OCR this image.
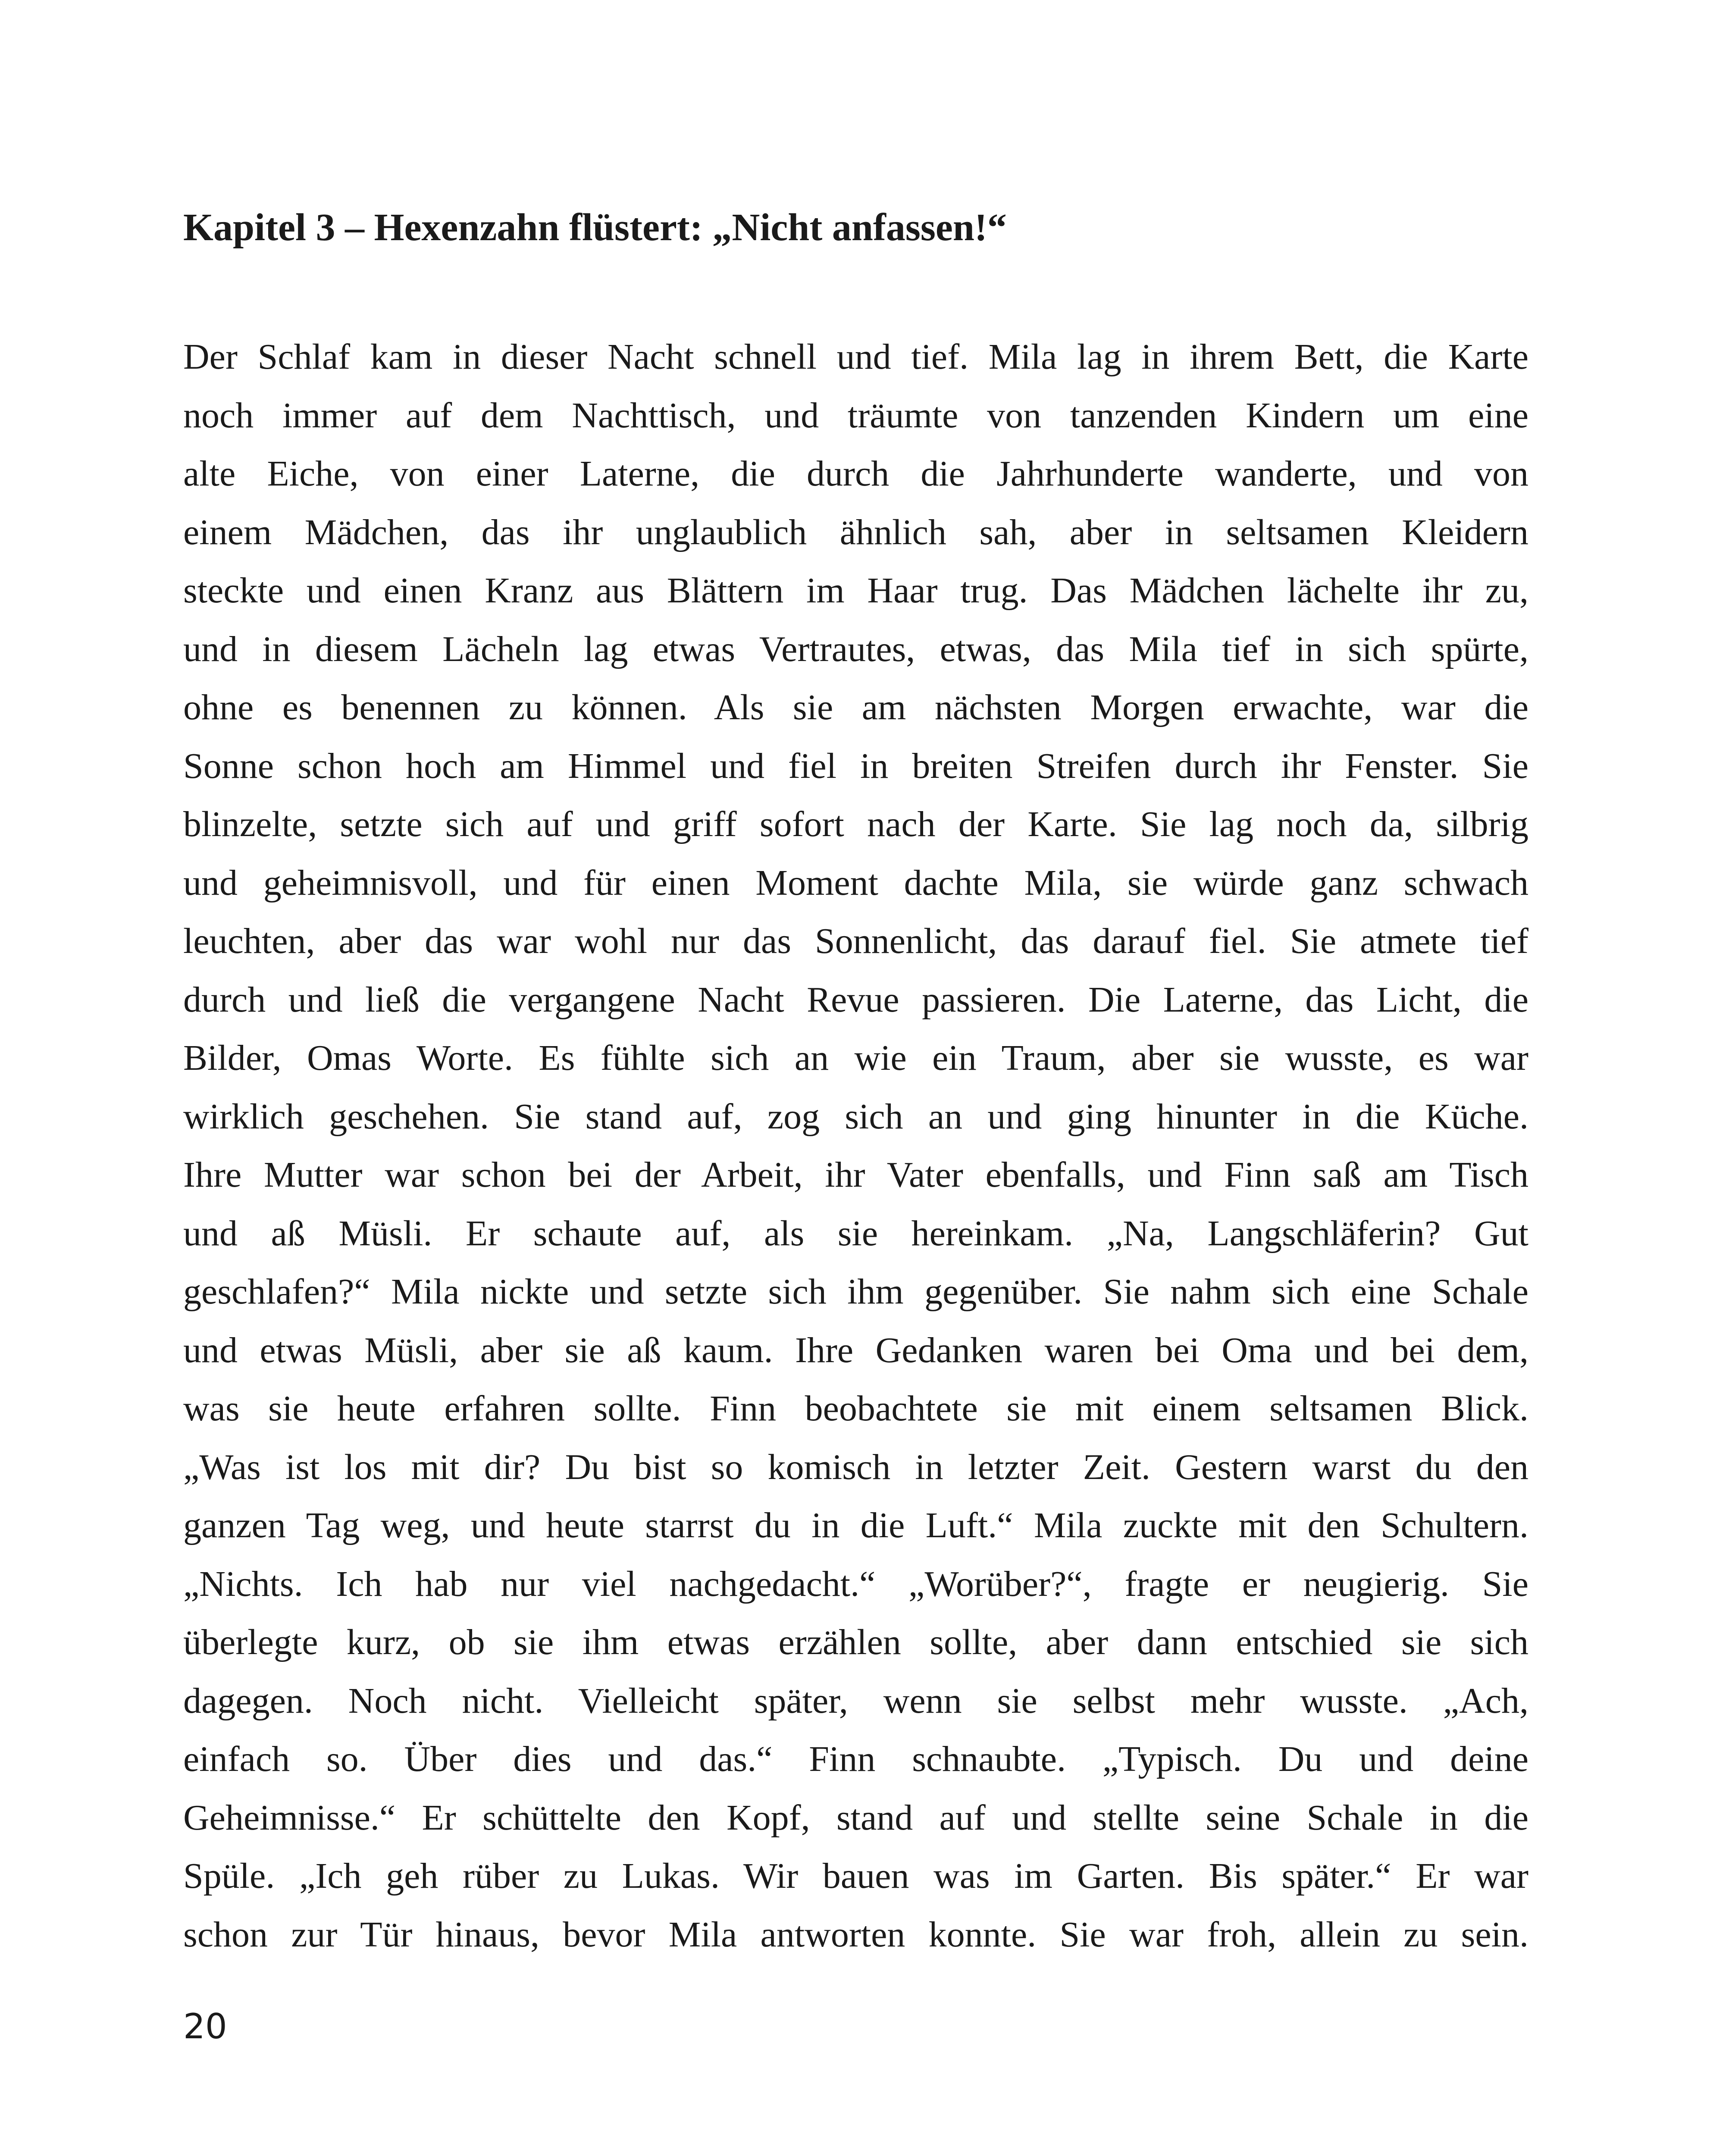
Kapitel 3 – Hexenzahn flüstert: „Nicht anfassen!“
Der Schlaf kam in dieser Nacht schnell und tief. Mila lag in ihrem Bett, die Karte
noch immer auf dem Nachttisch, und träumte von tanzenden Kindern um eine
alte Eiche, von einer Laterne, die durch die Jahrhunderte wanderte, und von
einem Mädchen, das ihr unglaublich ähnlich sah, aber in seltsamen Kleidern
steckte und einen Kranz aus Blättern im Haar trug. Das Mädchen lächelte ihr zu,
und in diesem Lächeln lag etwas Vertrautes, etwas, das Mila tief in sich spürte,
ohne es benennen zu können. Als sie am nächsten Morgen erwachte, war die
Sonne schon hoch am Himmel und fiel in breiten Streifen durch ihr Fenster. Sie
blinzelte, setzte sich auf und griff sofort nach der Karte. Sie lag noch da, silbrig
und geheimnisvoll, und für einen Moment dachte Mila, sie würde ganz schwach
leuchten, aber das war wohl nur das Sonnenlicht, das darauf fiel. Sie atmete tief
durch und ließ die vergangene Nacht Revue passieren. Die Laterne, das Licht, die
Bilder, Omas Worte. Es fühlte sich an wie ein Traum, aber sie wusste, es war
wirklich geschehen. Sie stand auf, zog sich an und ging hinunter in die Küche.
Ihre Mutter war schon bei der Arbeit, ihr Vater ebenfalls, und Finn saß am Tisch
und aß Müsli. Er schaute auf, als sie hereinkam. „Na, Langschläferin? Gut
geschlafen?“ Mila nickte und setzte sich ihm gegenüber. Sie nahm sich eine Schale
und etwas Müsli, aber sie aß kaum. Ihre Gedanken waren bei Oma und bei dem,
was sie heute erfahren sollte. Finn beobachtete sie mit einem seltsamen Blick.
„Was ist los mit dir? Du bist so komisch in letzter Zeit. Gestern warst du den
ganzen Tag weg, und heute starrst du in die Luft.“ Mila zuckte mit den Schultern.
„Nichts. Ich hab nur viel nachgedacht.“ „Worüber?“, fragte er neugierig. Sie
überlegte kurz, ob sie ihm etwas erzählen sollte, aber dann entschied sie sich
dagegen. Noch nicht. Vielleicht später, wenn sie selbst mehr wusste. „Ach,
einfach so. Über dies und das.“ Finn schnaubte. „Typisch. Du und deine
Geheimnisse.“ Er schüttelte den Kopf, stand auf und stellte seine Schale in die
Spüle. „Ich geh rüber zu Lukas. Wir bauen was im Garten. Bis später.“ Er war
schon zur Tür hinaus, bevor Mila antworten konnte. Sie war froh, allein zu sein.
20
